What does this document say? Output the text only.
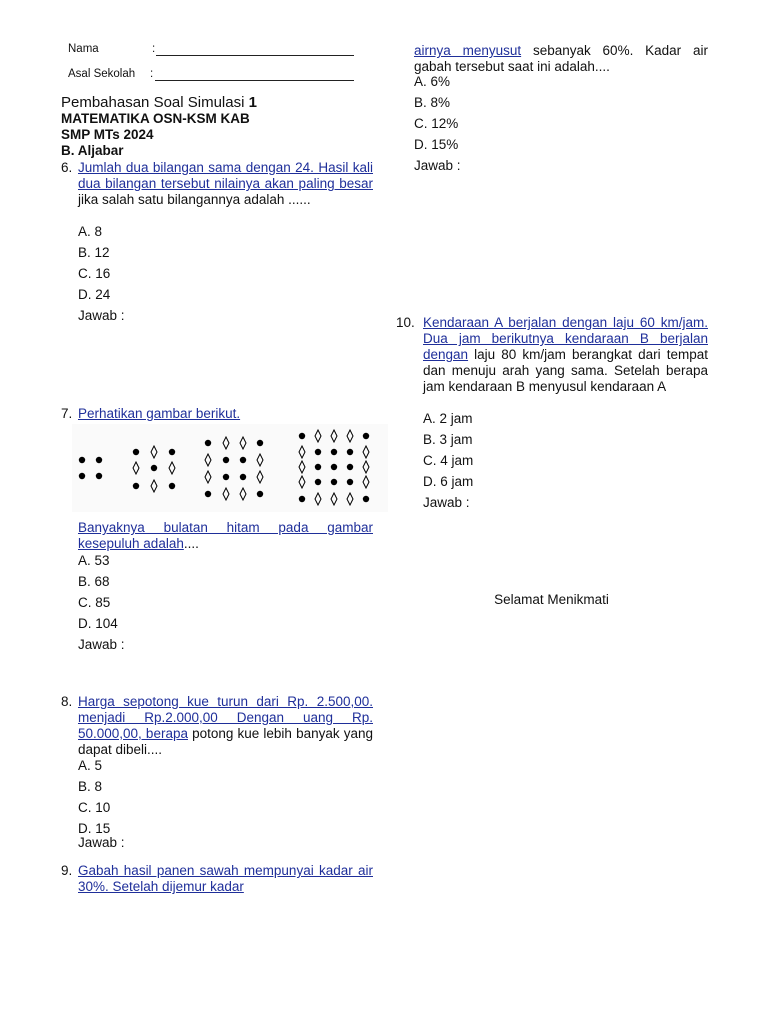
Nama	:
Asal Sekolah :
Pembahasan Soal Simulasi 1
MATEMATIKA OSN-KSM KAB
SMP MTs 2024
B. Aljabar
6. Jumlah dua bilangan sama dengan 24. Hasil kali dua bilangan tersebut nilainya akan paling besar jika salah satu bilangannya adalah ......
A. 8
B. 12
C. 16
D. 24
Jawab :
7. Perhatikan gambar berikut.
Banyaknya bulatan hitam pada gambar kesepuluh adalah....
A. 53
B. 68
C. 85
D. 104
Jawab :
8. Harga sepotong kue turun dari Rp. 2.500,00. menjadi Rp.2.000,00 Dengan uang Rp. 50.000,00, berapa potong kue lebih banyak yang dapat dibeli....
A. 5
B. 8
C. 10
D. 15
Jawab :
9. Gabah hasil panen sawah mempunyai kadar air 30%. Setelah dijemur kadar
airnya menyusut sebanyak 60%. Kadar air gabah tersebut saat ini adalah....
A. 6%
B. 8%
C. 12%
D. 15%
Jawab :
10. Kendaraan A berjalan dengan laju 60 km/jam. Dua jam berikutnya kendaraan B berjalan dengan laju 80 km/jam berangkat dari tempat dan menuju arah yang sama. Setelah berapa jam kendaraan B menyusul kendaraan A
A. 2 jam
B. 3 jam
C. 4 jam
D. 6 jam
Jawab :
Selamat Menikmati
